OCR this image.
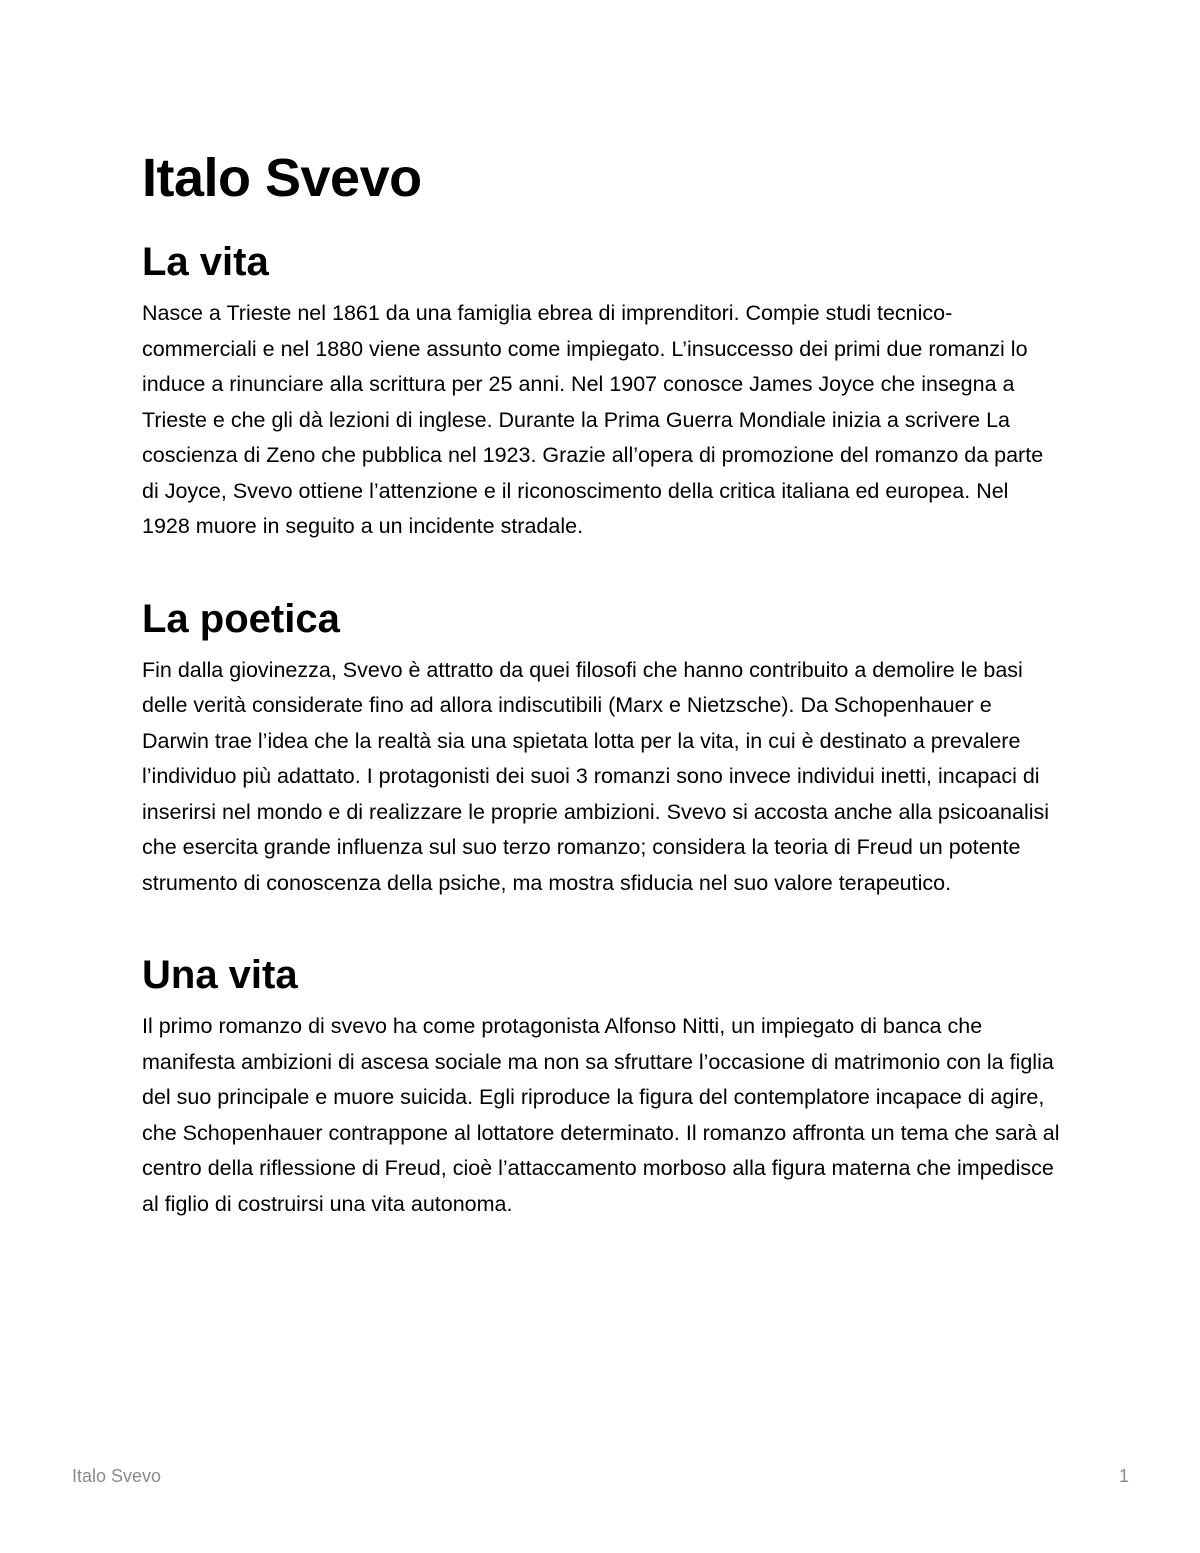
Italo Svevo
La vita

Nasce a Trieste nel 1861 da una famiglia ebrea di imprenditori. Compie studi tecnico-commerciali e nel 1880 viene assunto come impiegato. L’insuccesso dei primi due romanzi lo induce a rinunciare alla scrittura per 25 anni. Nel 1907 conosce James Joyce che insegna a Trieste e che gli dà lezioni di inglese. Durante la Prima Guerra Mondiale inizia a scrivere La coscienza di Zeno che pubblica nel 1923. Grazie all’opera di promozione del romanzo da parte di Joyce, Svevo ottiene l’attenzione e il riconoscimento della critica italiana ed europea. Nel 1928 muore in seguito a un incidente stradale.

La poetica

Fin dalla giovinezza, Svevo è attratto da quei filosofi che hanno contribuito a demolire le basi delle verità considerate fino ad allora indiscutibili (Marx e Nietzsche). Da Schopenhauer e Darwin trae l’idea che la realtà sia una spietata lotta per la vita, in cui è destinato a prevalere l’individuo più adattato. I protagonisti dei suoi 3 romanzi sono invece individui inetti, incapaci di inserirsi nel mondo e di realizzare le proprie ambizioni. Svevo si accosta anche alla psicoanalisi che esercita grande influenza sul suo terzo romanzo; considera la teoria di Freud un potente strumento di conoscenza della psiche, ma mostra sfiducia nel suo valore terapeutico.

Una vita

Il primo romanzo di svevo ha come protagonista Alfonso Nitti, un impiegato di banca che manifesta ambizioni di ascesa sociale ma non sa sfruttare l’occasione di matrimonio con la figlia del suo principale e muore suicida. Egli riproduce la figura del contemplatore incapace di agire, che Schopenhauer contrappone al lottatore determinato. Il romanzo affronta un tema che sarà al centro della riflessione di Freud, cioè l’attaccamento morboso alla figura materna che impedisce al figlio di costruirsi una vita autonoma.

Italo Svevo	1
